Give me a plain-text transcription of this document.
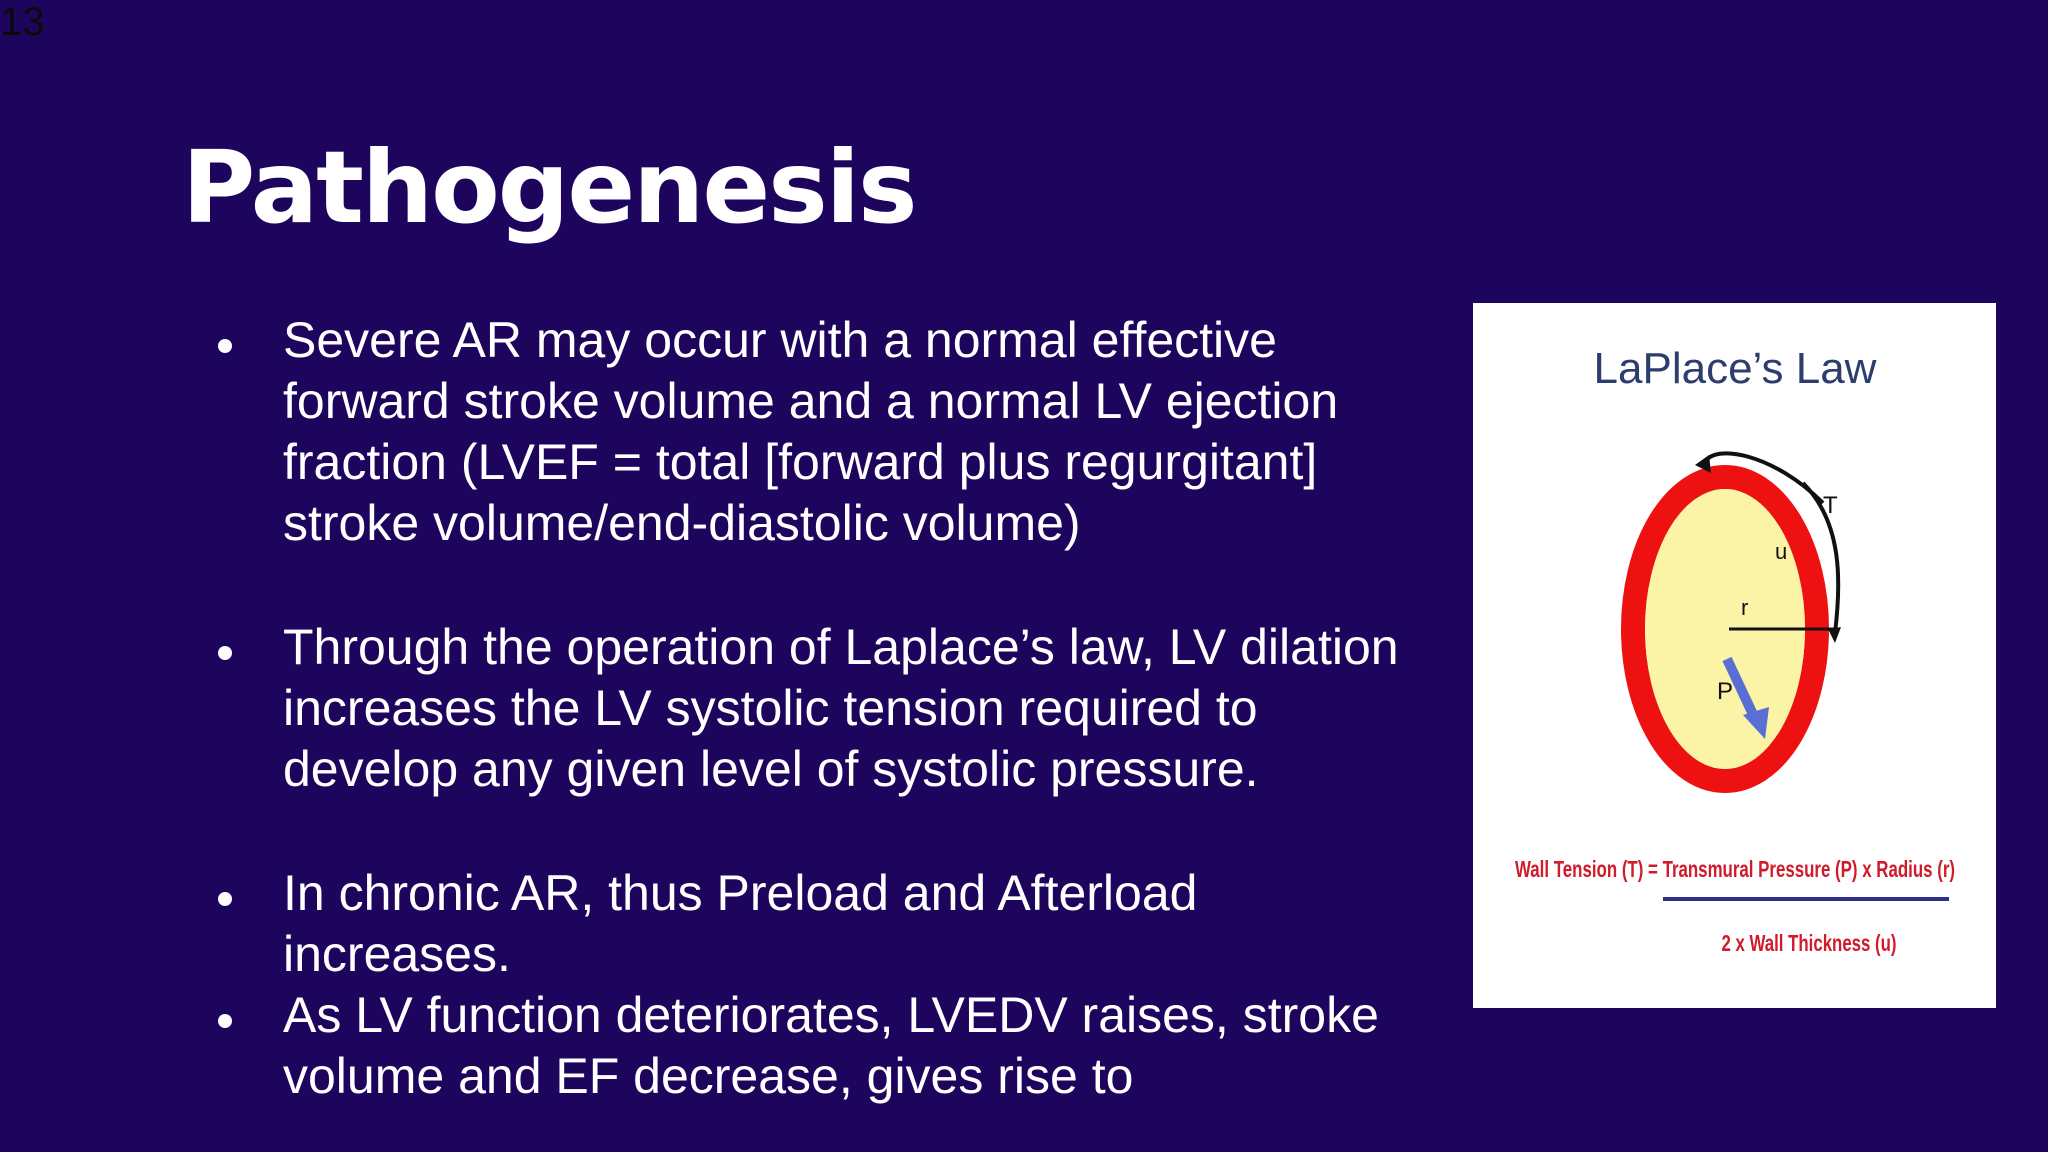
13
Pathogenesis
Severe AR may occur with a normal effective forward stroke volume and a normal LV ejection fraction (LVEF = total [forward plus regurgitant] stroke volume/end-diastolic volume)
Through the operation of Laplace’s law, LV dilation increases the LV systolic tension required to develop any given level of systolic pressure.
In chronic AR, thus Preload and Afterload increases.
As LV function deteriorates, LVEDV raises, stroke volume and EF decrease, gives rise to
LaPlace’s Law
T
u
r
P
Wall Tension (T) = Transmural Pressure (P) x Radius (r)
2 x Wall Thickness (u)
